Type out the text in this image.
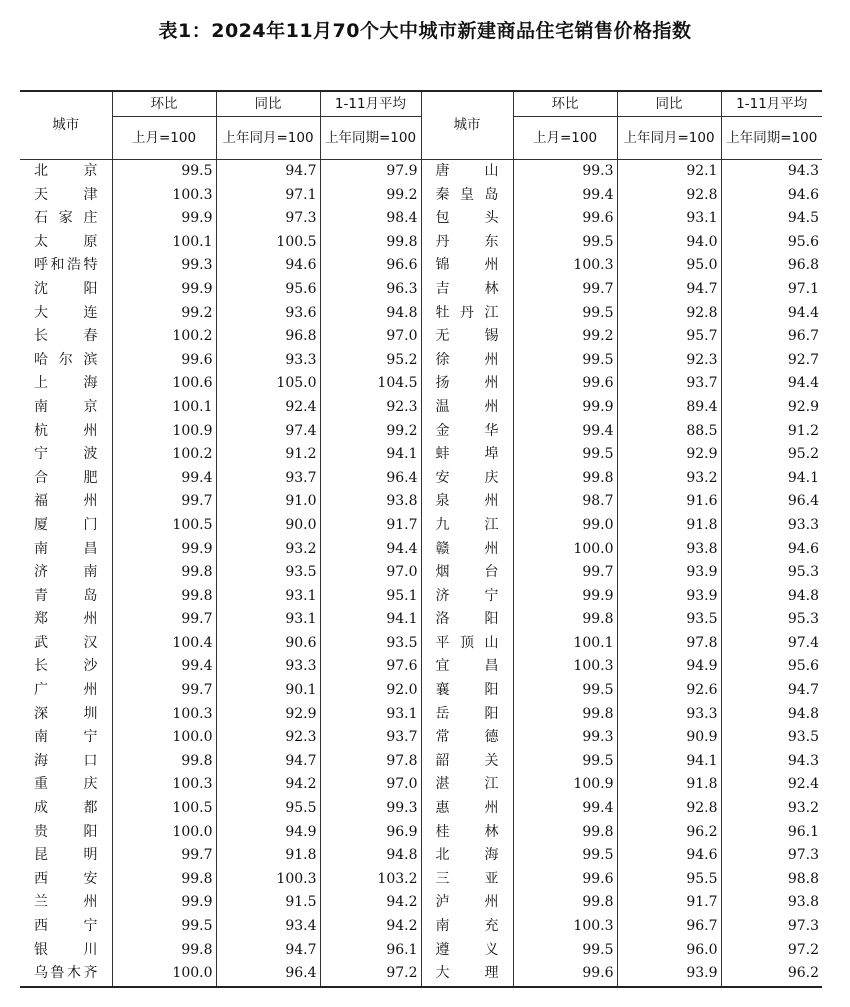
表1：2024年11月70个大中城市新建商品住宅销售价格指数
城市	环比	同比	1-11月平均	城市	环比	同比	1-11月平均
	上月=100	上年同月=100	上年同期=100		上月=100	上年同月=100	上年同期=100
北京	99.5	94.7	97.9	唐山	99.3	92.1	94.3
天津	100.3	97.1	99.2	秦皇岛	99.4	92.8	94.6
石家庄	99.9	97.3	98.4	包头	99.6	93.1	94.5
太原	100.1	100.5	99.8	丹东	99.5	94.0	95.6
呼和浩特	99.3	94.6	96.6	锦州	100.3	95.0	96.8
沈阳	99.9	95.6	96.3	吉林	99.7	94.7	97.1
大连	99.2	93.6	94.8	牡丹江	99.5	92.8	94.4
长春	100.2	96.8	97.0	无锡	99.2	95.7	96.7
哈尔滨	99.6	93.3	95.2	徐州	99.5	92.3	92.7
上海	100.6	105.0	104.5	扬州	99.6	93.7	94.4
南京	100.1	92.4	92.3	温州	99.9	89.4	92.9
杭州	100.9	97.4	99.2	金华	99.4	88.5	91.2
宁波	100.2	91.2	94.1	蚌埠	99.5	92.9	95.2
合肥	99.4	93.7	96.4	安庆	99.8	93.2	94.1
福州	99.7	91.0	93.8	泉州	98.7	91.6	96.4
厦门	100.5	90.0	91.7	九江	99.0	91.8	93.3
南昌	99.9	93.2	94.4	赣州	100.0	93.8	94.6
济南	99.8	93.5	97.0	烟台	99.7	93.9	95.3
青岛	99.8	93.1	95.1	济宁	99.9	93.9	94.8
郑州	99.7	93.1	94.1	洛阳	99.8	93.5	95.3
武汉	100.4	90.6	93.5	平顶山	100.1	97.8	97.4
长沙	99.4	93.3	97.6	宜昌	100.3	94.9	95.6
广州	99.7	90.1	92.0	襄阳	99.5	92.6	94.7
深圳	100.3	92.9	93.1	岳阳	99.8	93.3	94.8
南宁	100.0	92.3	93.7	常德	99.3	90.9	93.5
海口	99.8	94.7	97.8	韶关	99.5	94.1	94.3
重庆	100.3	94.2	97.0	湛江	100.9	91.8	92.4
成都	100.5	95.5	99.3	惠州	99.4	92.8	93.2
贵阳	100.0	94.9	96.9	桂林	99.8	96.2	96.1
昆明	99.7	91.8	94.8	北海	99.5	94.6	97.3
西安	99.8	100.3	103.2	三亚	99.6	95.5	98.8
兰州	99.9	91.5	94.2	泸州	99.8	91.7	93.8
西宁	99.5	93.4	94.2	南充	100.3	96.7	97.3
银川	99.8	94.7	96.1	遵义	99.5	96.0	97.2
乌鲁木齐	100.0	96.4	97.2	大理	99.6	93.9	96.2
